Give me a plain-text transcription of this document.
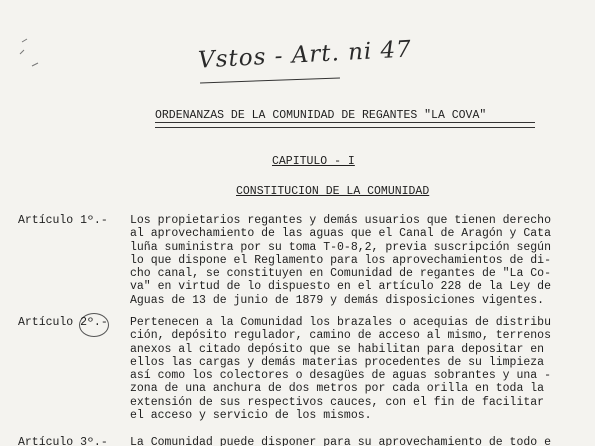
Vstos - Art. ni 47
ORDENANZAS DE LA COMUNIDAD DE REGANTES "LA COVA"
CAPITULO - I
CONSTITUCION DE LA COMUNIDAD
Artículo 1º.- Los propietarios regantes y demás usuarios que tienen derecho
al aprovechamiento de las aguas que el Canal de Aragón y Cata
luña suministra por su toma T-0-8,2, previa suscripción según
lo que dispone el Reglamento para los aprovechamientos de di-
cho canal, se constituyen en Comunidad de regantes de "La Co-
va" en virtud de lo dispuesto en el artículo 228 de la Ley de
Aguas de 13 de junio de 1879 y demás disposiciones vigentes.
Artículo 2º.- Pertenecen a la Comunidad los brazales o acequias de distribu
ción, depósito regulador, camino de acceso al mismo, terrenos
anexos al citado depósito que se habilitan para depositar en
ellos las cargas y demás materias procedentes de su limpieza
así como los colectores o desagües de aguas sobrantes y una -
zona de una anchura de dos metros por cada orilla en toda la
extensión de sus respectivos cauces, con el fin de facilitar
el acceso y servicio de los mismos.
Artículo 3º.- La Comunidad puede disponer para su aprovechamiento de todo e
